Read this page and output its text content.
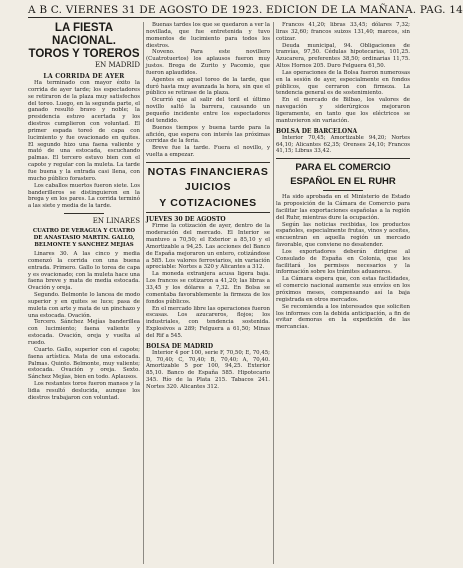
A B C. VIERNES 31 DE AGOSTO DE 1923. EDICION DE LA MAÑANA. PAG. 14
LA FIESTA NACIONAL.
TOROS Y TOREROS
EN MADRID
LA CORRIDA DE AYER

Ha terminado con mayor éxito la corrida de ayer tarde; los espectadores se retiraron de la plaza muy satisfechos del toreo. Luego, en la segunda parte, el ganado resultó bravo y noble; la presidencia estuvo acertada y los diestros cumplieron con voluntad. El primer espada toreó de capa con lucimiento y fue ovacionado en quites. El segundo hizo una faena valiente y mató de una estocada, escuchando palmas. El tercero estuvo bien con el capote y regular con la muleta. La tarde fue buena y la entrada casi llena, con mucho público forastero.

Los caballos muertos fueron siete. Los banderilleros se distinguieron en la brega y en los pares. La corrida terminó a las siete y media de la tarde.

EN LINARES
CUATRO DE VERAGUA Y CUATRO DE ANASTASIO MARTIN. GALLO, BELMONTE Y SANCHEZ MEJIAS

Linares 30. A las cinco y media comenzó la corrida con una buena entrada. Primero. Gallo lo torea de capa y es ovacionado; con la muleta hace una faena breve y mata de media estocada. Ovación y oreja.

Segundo. Belmonte lo lancea de modo superior y en quites se luce; pasa de muleta con arte y mata de un pinchazo y una estocada. Ovación.

Tercero. Sánchez Mejías banderillea con lucimiento; faena valiente y estocada. Ovación, oreja y vuelta al ruedo.

Cuarto. Gallo, superior con el capote; faena artística. Mata de una estocada. Palmas. Quinto. Belmonte, muy valiente; estocada. Ovación y oreja. Sexto. Sánchez Mejías, bien en todo. Aplausos.

Los restantes toros fueron mansos y la lidia resultó deslucida, aunque los diestros trabajaron con voluntad.

Buenas tardes los que se quedaron a ver la novillada, que fue entretenida y tuvo momentos de lucimiento para todos los diestros.

Noveno. Para este novillero (Cuatrotuertos) los aplausos fueron muy justos. Brega de Zurito y Pacomio, que fueron aplaudidos.

Agentes en aquel toreo de la tarde, que duró hasta muy avanzada la hora, sin que el público se retirase de la plaza.

Ocurrió que al salir del toril el último novillo saltó la barrera, causando un pequeño incidente entre los espectadores del tendido.

Buenos tiempos y buena tarde para la afición, que espera con interés las próximas corridas de la feria.

Breve fue la tarde. Fuera el novillo, y vuelta a empezar.

NOTAS FINANCIERAS
JUICIOS
Y COTIZACIONES
JUEVES 30 DE AGOSTO

Firme la cotización de ayer, dentro de la moderación del mercado. El Interior se mantuvo a 70,50; el Exterior a 85,10 y el Amortizable a 94,25. Las acciones del Banco de España mejoraron un entero, cotizándose a 585. Los valores ferroviarios, sin variación apreciable: Nortes a 320 y Alicantes a 312.

La moneda extranjera acusa ligera baja. Los francos se cotizaron a 41,20; las libras a 33,45 y los dólares a 7,32. En Bolsa se comentaba favorablemente la firmeza de los fondos públicos.

En el mercado libre las operaciones fueron escasas. Los azucareros, flojos; los industriales, con tendencia sostenida. Explosivos a 289; Felguera a 61,50; Minas del Rif a 545.

BOLSA DE MADRID

Interior 4 por 100, serie F, 70,50; E, 70,45; D, 70,40; C, 70,40; B, 70,40; A, 70,40. Amortizable 5 por 100, 94,25. Exterior 85,10. Banco de España 585. Hipotecario 345. Río de la Plata 215. Tabacos 241. Nortes 320. Alicantes 312.

Francos 41,20; libras 33,45; dólares 7,32; liras 32,60; francos suizos 131,40; marcos, sin cotizar.

Deuda municipal, 94. Obligaciones de tranvías, 97,50. Cédulas hipotecarias, 101,25. Azucarera, preferentes 38,50; ordinarias 11,75. Altos Hornos 205. Duro Felguera 61,50.

Las operaciones de la Bolsa fueron numerosas en la sesión de ayer, especialmente en fondos públicos, que cerraron con firmeza. La tendencia general es de sostenimiento.

En el mercado de Bilbao, los valores de navegación y siderúrgicos mejoraron ligeramente, en tanto que los eléctricos se mantuvieron sin variación.

BOLSA DE BARCELONA

Interior 70,45; Amortizable 94,20; Nortes 64,10; Alicantes 62,35; Orenses 24,10; Francos 41,15; Libras 33,42.

PARA EL COMERCIO
ESPAÑOL EN EL RUHR

Ha sido aprobada en el Ministerio de Estado la proposición de la Cámara de Comercio para facilitar las exportaciones españolas a la región del Ruhr, mientras dure la ocupación.

Según las noticias recibidas, los productos españoles, especialmente frutas, vinos y aceites, encuentran en aquella región un mercado favorable, que conviene no desatender.

Los exportadores deberán dirigirse al Consulado de España en Colonia, que les facilitará los permisos necesarios y la información sobre los trámites aduaneros.

La Cámara espera que, con estas facilidades, el comercio nacional aumente sus envíos en los próximos meses, compensando así la baja registrada en otros mercados.

Se recomienda a los interesados que soliciten los informes con la debida anticipación, a fin de evitar demoras en la expedición de las mercancías.
